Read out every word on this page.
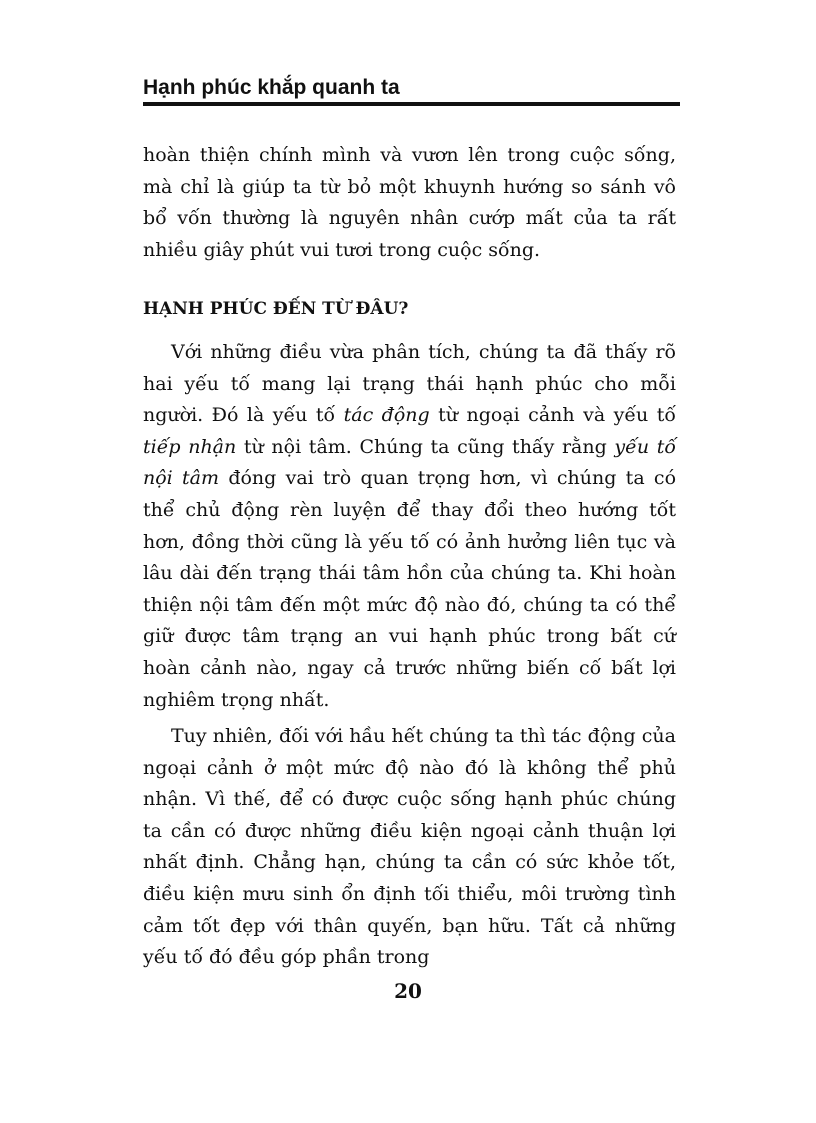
Hạnh phúc khắp quanh ta

hoàn thiện chính mình và vươn lên trong cuộc sống, mà chỉ là giúp ta từ bỏ một khuynh hướng so sánh vô bổ vốn thường là nguyên nhân cướp mất của ta rất nhiều giây phút vui tươi trong cuộc sống.

HẠNH PHÚC ĐẾN TỪ ĐÂU?

Với những điều vừa phân tích, chúng ta đã thấy rõ hai yếu tố mang lại trạng thái hạnh phúc cho mỗi người. Đó là yếu tố tác động từ ngoại cảnh và yếu tố tiếp nhận từ nội tâm. Chúng ta cũng thấy rằng yếu tố nội tâm đóng vai trò quan trọng hơn, vì chúng ta có thể chủ động rèn luyện để thay đổi theo hướng tốt hơn, đồng thời cũng là yếu tố có ảnh hưởng liên tục và lâu dài đến trạng thái tâm hồn của chúng ta. Khi hoàn thiện nội tâm đến một mức độ nào đó, chúng ta có thể giữ được tâm trạng an vui hạnh phúc trong bất cứ hoàn cảnh nào, ngay cả trước những biến cố bất lợi nghiêm trọng nhất.

Tuy nhiên, đối với hầu hết chúng ta thì tác động của ngoại cảnh ở một mức độ nào đó là không thể phủ nhận. Vì thế, để có được cuộc sống hạnh phúc chúng ta cần có được những điều kiện ngoại cảnh thuận lợi nhất định. Chẳng hạn, chúng ta cần có sức khỏe tốt, điều kiện mưu sinh ổn định tối thiểu, môi trường tình cảm tốt đẹp với thân quyến, bạn hữu. Tất cả những yếu tố đó đều góp phần trong

20
